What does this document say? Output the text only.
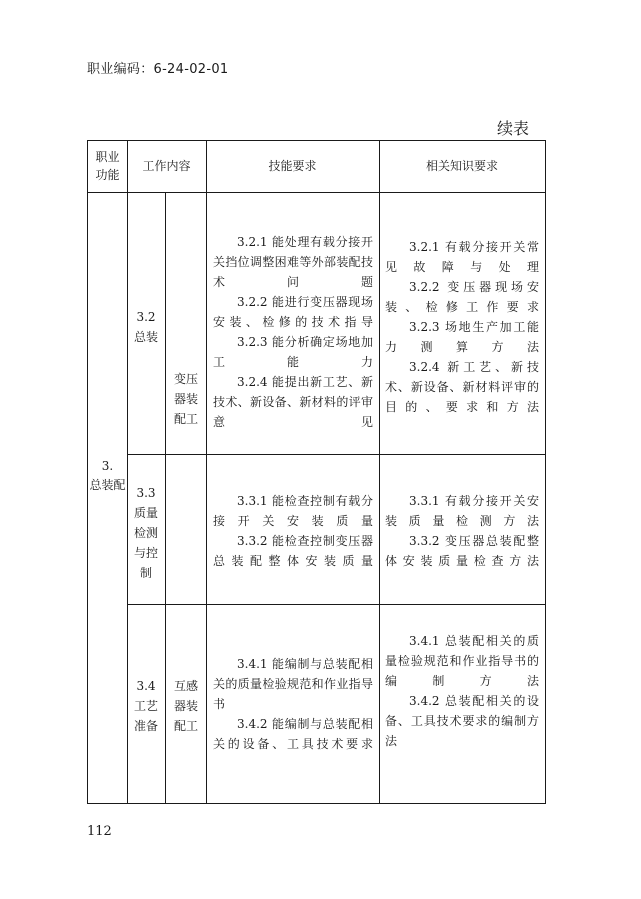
职业编码：6-24-02-01
续表
职业
功能
工作内容	技能要求	相关知识要求
3.
总装配
变压
器装
配工
互感
器装
配工
3.2
总装
3.2.1 能处理有载分接开关挡位调整困难等外部装配技术问题
3.2.2 能进行变压器现场安装、检修的技术指导
3.2.3 能分析确定场地加工能力
3.2.4 能提出新工艺、新技术、新设备、新材料的评审意见
3.2.1 有载分接开关常见故障与处理
3.2.2 变压器现场安装、检修工作要求
3.2.3 场地生产加工能力测算方法
3.2.4 新工艺、新技术、新设备、新材料评审的目的、要求和方法
3.3
质量
检测
与控
制
3.3.1 能检查控制有载分接开关安装质量
3.3.2 能检查控制变压器总装配整体安装质量
3.3.1 有载分接开关安装质量检测方法
3.3.2 变压器总装配整体安装质量检查方法
3.4
工艺
准备
3.4.1 能编制与总装配相关的质量检验规范和作业指导书
3.4.2 能编制与总装配相关的设备、工具技术要求
3.4.1 总装配相关的质量检验规范和作业指导书的编制方法
3.4.2 总装配相关的设备、工具技术要求的编制方法
112
